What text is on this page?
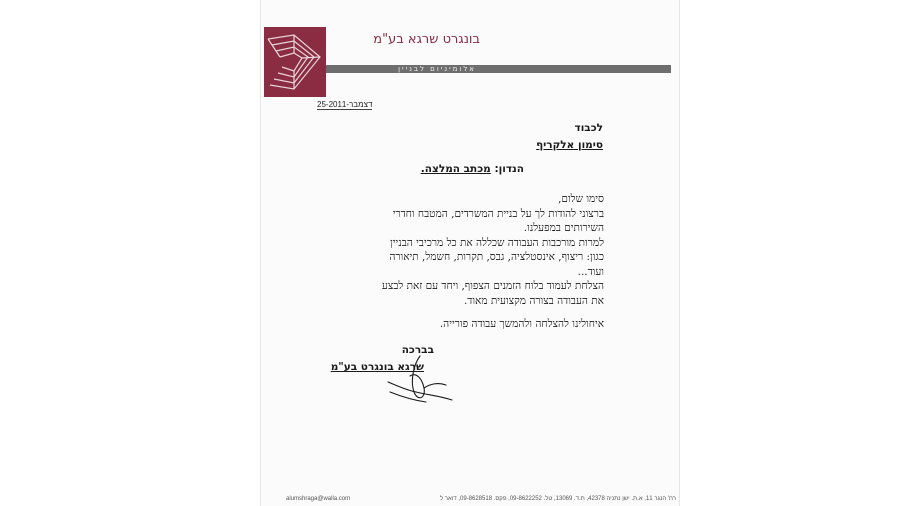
בונגרט שרגא בע"מ
אלומיניום לבניין
25-דצמבר-2011
לכבוד
סימון אלקריף
הנדון: מכתב המלצה.
סימו שלום,
ברצוני להודות לך על בניית המשרדים, המטבח וחדרי
השירותים במפעלנו.
למרות מורכבות העבודה שכללה את כל מרכיבי הבניין
כגון: ריצוף, אינסטלציה, גבס, תקרות, חשמל, תיאורה
ועוד...
הצלחת לעמוד בלוח הזמנים הצפוף, ויחד עם זאת לבצע
את העבודה בצורה מקצועית מאוד.
איחולינו להצלחה ולהמשך עבודה פורייה.
בברכה
שרגא בונגרט בע"מ
alumshraga@walla.com	רח' הנגר 11, א.ת. ישן נתניה 42378, ת.ד. 13069, טל. 09-8622252, פקס. 09-8628518, דואר ל
